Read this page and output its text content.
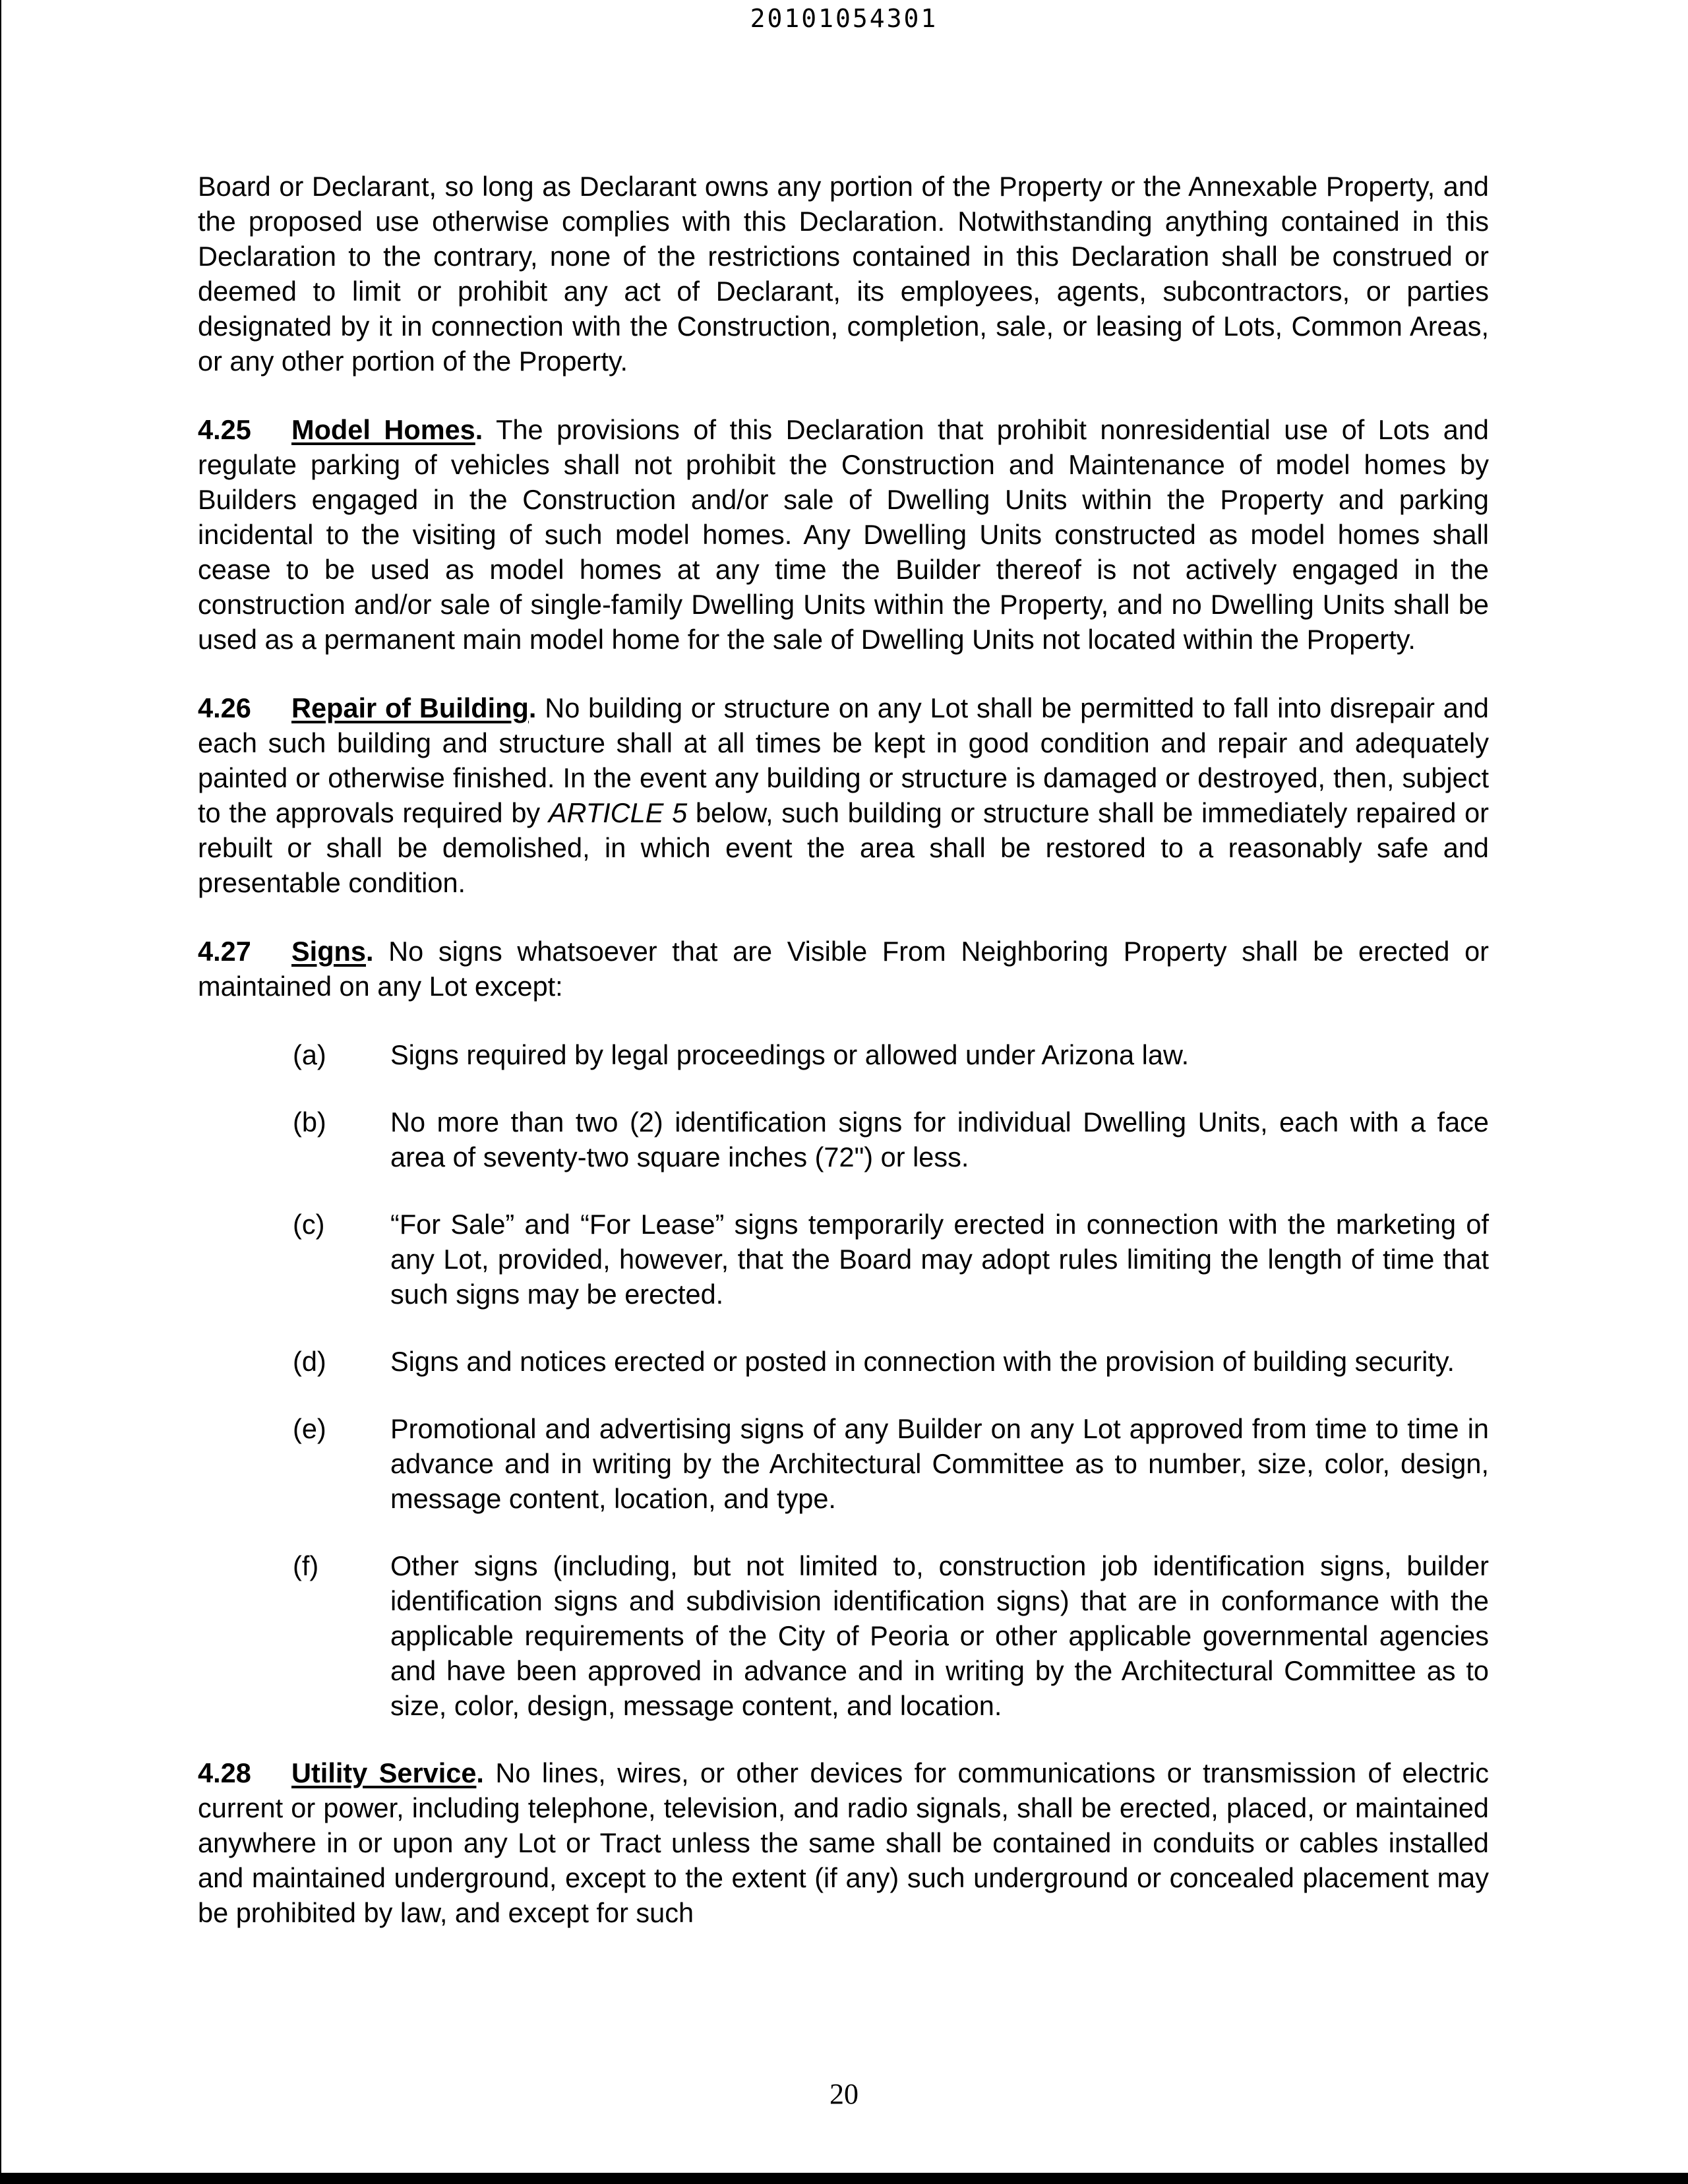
20101054301

Board or Declarant, so long as Declarant owns any portion of the Property or the Annexable Property, and the proposed use otherwise complies with this Declaration. Notwithstanding anything contained in this Declaration to the contrary, none of the restrictions contained in this Declaration shall be construed or deemed to limit or prohibit any act of Declarant, its employees, agents, subcontractors, or parties designated by it in connection with the Construction, completion, sale, or leasing of Lots, Common Areas, or any other portion of the Property.

4.25 Model Homes. The provisions of this Declaration that prohibit nonresidential use of Lots and regulate parking of vehicles shall not prohibit the Construction and Maintenance of model homes by Builders engaged in the Construction and/or sale of Dwelling Units within the Property and parking incidental to the visiting of such model homes. Any Dwelling Units constructed as model homes shall cease to be used as model homes at any time the Builder thereof is not actively engaged in the construction and/or sale of single-family Dwelling Units within the Property, and no Dwelling Units shall be used as a permanent main model home for the sale of Dwelling Units not located within the Property.

4.26 Repair of Building. No building or structure on any Lot shall be permitted to fall into disrepair and each such building and structure shall at all times be kept in good condition and repair and adequately painted or otherwise finished. In the event any building or structure is damaged or destroyed, then, subject to the approvals required by ARTICLE 5 below, such building or structure shall be immediately repaired or rebuilt or shall be demolished, in which event the area shall be restored to a reasonably safe and presentable condition.

4.27 Signs. No signs whatsoever that are Visible From Neighboring Property shall be erected or maintained on any Lot except:

(a)	Signs required by legal proceedings or allowed under Arizona law.
(b)	No more than two (2) identification signs for individual Dwelling Units, each with a face area of seventy-two square inches (72") or less.
(c)	“For Sale” and “For Lease” signs temporarily erected in connection with the marketing of any Lot, provided, however, that the Board may adopt rules limiting the length of time that such signs may be erected.
(d)	Signs and notices erected or posted in connection with the provision of building security.
(e)	Promotional and advertising signs of any Builder on any Lot approved from time to time in advance and in writing by the Architectural Committee as to number, size, color, design, message content, location, and type.
(f)	Other signs (including, but not limited to, construction job identification signs, builder identification signs and subdivision identification signs) that are in conformance with the applicable requirements of the City of Peoria or other applicable governmental agencies and have been approved in advance and in writing by the Architectural Committee as to size, color, design, message content, and location.

4.28 Utility Service. No lines, wires, or other devices for communications or transmission of electric current or power, including telephone, television, and radio signals, shall be erected, placed, or maintained anywhere in or upon any Lot or Tract unless the same shall be contained in conduits or cables installed and maintained underground, except to the extent (if any) such underground or concealed placement may be prohibited by law, and except for such

20
